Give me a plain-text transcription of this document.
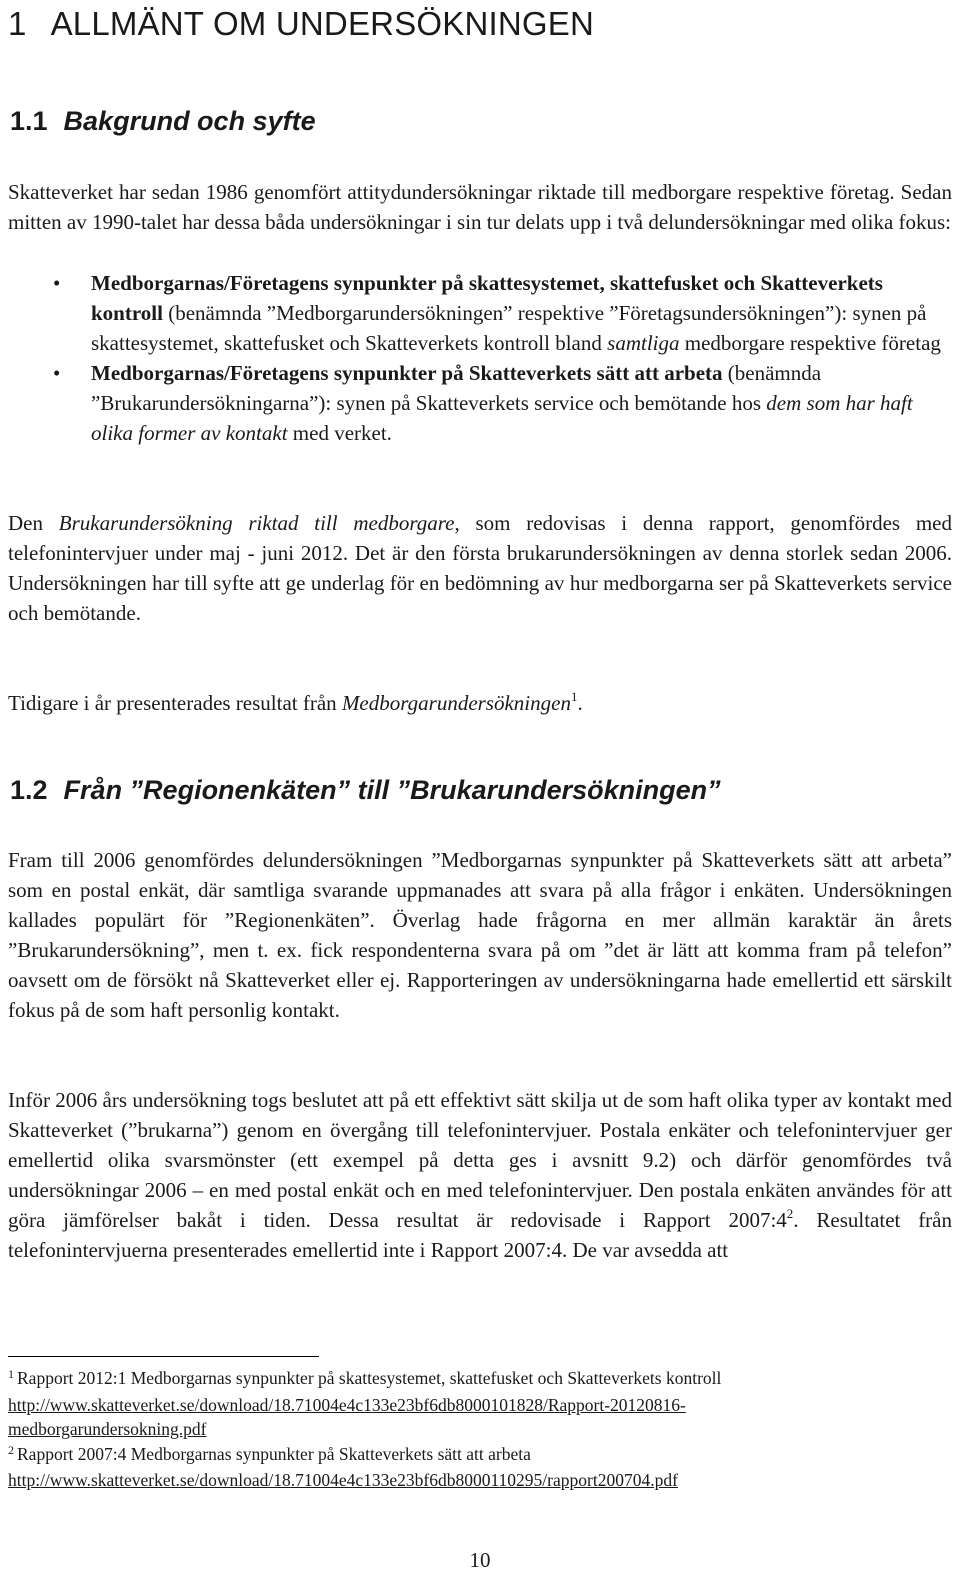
1 ALLMÄNT OM UNDERSÖKNINGEN
1.1 Bakgrund och syfte

Skatteverket har sedan 1986 genomfört attitydundersökningar riktade till medborgare respektive företag. Sedan mitten av 1990-talet har dessa båda undersökningar i sin tur delats upp i två delundersökningar med olika fokus:

• Medborgarnas/Företagens synpunkter på skattesystemet, skattefusket och Skatteverkets kontroll (benämnda ”Medborgarundersökningen” respektive ”Företagsundersökningen”): synen på skattesystemet, skattefusket och Skatteverkets kontroll bland samtliga medborgare respektive företag
• Medborgarnas/Företagens synpunkter på Skatteverkets sätt att arbeta (benämnda ”Brukarundersökningarna”): synen på Skatteverkets service och bemötande hos dem som har haft olika former av kontakt med verket.

Den Brukarundersökning riktad till medborgare, som redovisas i denna rapport, genomfördes med telefonintervjuer under maj - juni 2012. Det är den första brukarundersökningen av denna storlek sedan 2006. Undersökningen har till syfte att ge underlag för en bedömning av hur medborgarna ser på Skatteverkets service och bemötande.

Tidigare i år presenterades resultat från Medborgarundersökningen$^1$.

1.2 Från ”Regionenkäten” till ”Brukarundersökningen”

Fram till 2006 genomfördes delundersökningen ”Medborgarnas synpunkter på Skatteverkets sätt att arbeta” som en postal enkät, där samtliga svarande uppmanades att svara på alla frågor i enkäten. Undersökningen kallades populärt för ”Regionenkäten”. Överlag hade frågorna en mer allmän karaktär än årets ”Brukarundersökning”, men t. ex. fick respondenterna svara på om ”det är lätt att komma fram på telefon” oavsett om de försökt nå Skatteverket eller ej. Rapporteringen av undersökningarna hade emellertid ett särskilt fokus på de som haft personlig kontakt.

Inför 2006 års undersökning togs beslutet att på ett effektivt sätt skilja ut de som haft olika typer av kontakt med Skatteverket (”brukarna”) genom en övergång till telefonintervjuer. Postala enkäter och telefonintervjuer ger emellertid olika svarsmönster (ett exempel på detta ges i avsnitt 9.2) och därför genomfördes två undersökningar 2006 – en med postal enkät och en med telefonintervjuer. Den postala enkäten användes för att göra jämförelser bakåt i tiden. Dessa resultat är redovisade i Rapport $2007:4^2$. Resultatet från telefonintervjuerna presenterades emellertid inte i Rapport 2007:4. De var avsedda att

$^1$ Rapport 2012:1 Medborgarnas synpunkter på skattesystemet, skattefusket och Skatteverkets kontroll

http://www.skatteverket.se/download/18.71004e4c133e23bf6db8000101828/Rapport-20120816-

medborgarundersokning.pdf

$^2$ Rapport 2007:4 Medborgarnas synpunkter på Skatteverkets sätt att arbeta

http://www.skatteverket.se/download/18.71004e4c133e23bf6db8000110295/rapport200704.pdf

10
